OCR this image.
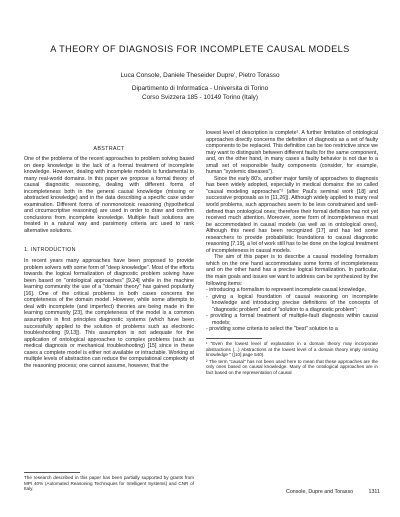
A THEORY OF DIAGNOSIS FOR INCOMPLETE CAUSAL MODELS
Luca Console, Daniele Theseider Dupre', Pietro Torasso
Dipartimento di Informatica - Universita di Torino
Corso Svizzera 185 - 10149 Torino (Italy)
ABSTRACT

One of the problems of the recent approaches to problem solving based on deep knowledge is the lack of a formal treatment of incomplete knowledge. However, dealing with incomplete models is fundamental to many real-world domains. In this paper we propose a formal theory of causal diagnostic reasoning, dealing with different forms of incompleteness both in the general causal knowledge (missing or abstracted knowledge) and in the data describing a specific case under examination. Different forms of nonmonotonic reasoning (hypothetical and circumscriptive reasoning) are used in order to draw and confirm conclusions from incomplete knowledge. Multiple fault solutions are treated in a natural way and parsimony criteria arc used to rank alternative solutions.

1. INTRODUCTION

In recent years many approaches have been proposed to provide problem solvers with some form of "deep knowledge". Most of the efforts towards the logical formalization of diagnostic problem solving have been based on "ontological approaches" [9,24] while in the machine learning community the use of a "domain theory" has gained popularity [16]. One of the critical problems in both cases concerns the completeness of the domain model. However, while some attempts to deal with incomplete (and imperfect) theories are being made in the learning community [23], the completeness of the model is a common assumption in first principles diagnostic systems (which have been successfully applied to the solution of problems such as electronic troubleshooting [9,13]). This assumption is not adequate for the application of ontological approaches to complex problems (such as medical diagnosis or mechanical troubleshooting) [15] since in these cases a complete model is either not available or intractable. Working at multiple levels of abstraction can reduce the computational complexity of the reasoning process; one cannot assume, however, that the

The research described in this paper has been partially supported by grants from MPI 40% (Automated Reasoning Techniques for Intelligent Systems) and CNR of Italy.

lowest level of description is complete¹. A further limitation of ontological approaches directly concerns the definition of diagnosis as a set of faulty components to be replaced. This definition can be too restrictive since we may want to distinguish between different faults for the same component, and, on the other hand, in many cases a faulty behavior is not due to a small set of responsible faulty components (consider, for example, human "systemic diseases").

Since the early 80's, another major family of approaches to diagnosis has been widely adopted, especially in medical domains: the so called "causal modeling approaches"² (after Paul's seminal work [18] and successive proposals as in [11,26]). Although widely applied to many real world problems, such approaches seem to be less constrained and well-defined than ontological ones; therefore their formal definition has not yet received much attention. Moreover, some form of incompleteness must be accommodated in causal models (as well as in ontological ones). Although this need has been recognized [17] and has led some researchers to provide probabilistic foundations to causal diagnostic reasoning [7,19], a lot of work still has to be done on the logical treatment of incompleteness in causal models.

The aim of this paper is to describe a causal modeling formalism which on the one hand accommodates some forms of incompleteness and on the other hand has a precise logical formalization. In particular, the main goals and issues we want to address can be synthesized by the following items:

- introducing a formalism to represent incomplete causal knowledge,
- giving a logical foundation of causal reasoning on incomplete knowledge and introducing precise definitions of the concepts of "diagnostic problem" and of "solution to a diagnostic problem";
- providing a formal treatment of multiple-fault diagnosis within causal models;
- providing some criteria to select the "best" solution to a
¹ "Even the lowest level of explanation in a domain theory may incorporate abstractions (...) Abstractions at the lowest level of a domain theory imply missing knowledge " ([10] page 540).
² The term "causal" has not been used here to mean that these approaches are the only ones based on causal knowledge. Many of the ontological approaches are in fact based on the representation of causal
Console, Dupre and Torasso	1311
